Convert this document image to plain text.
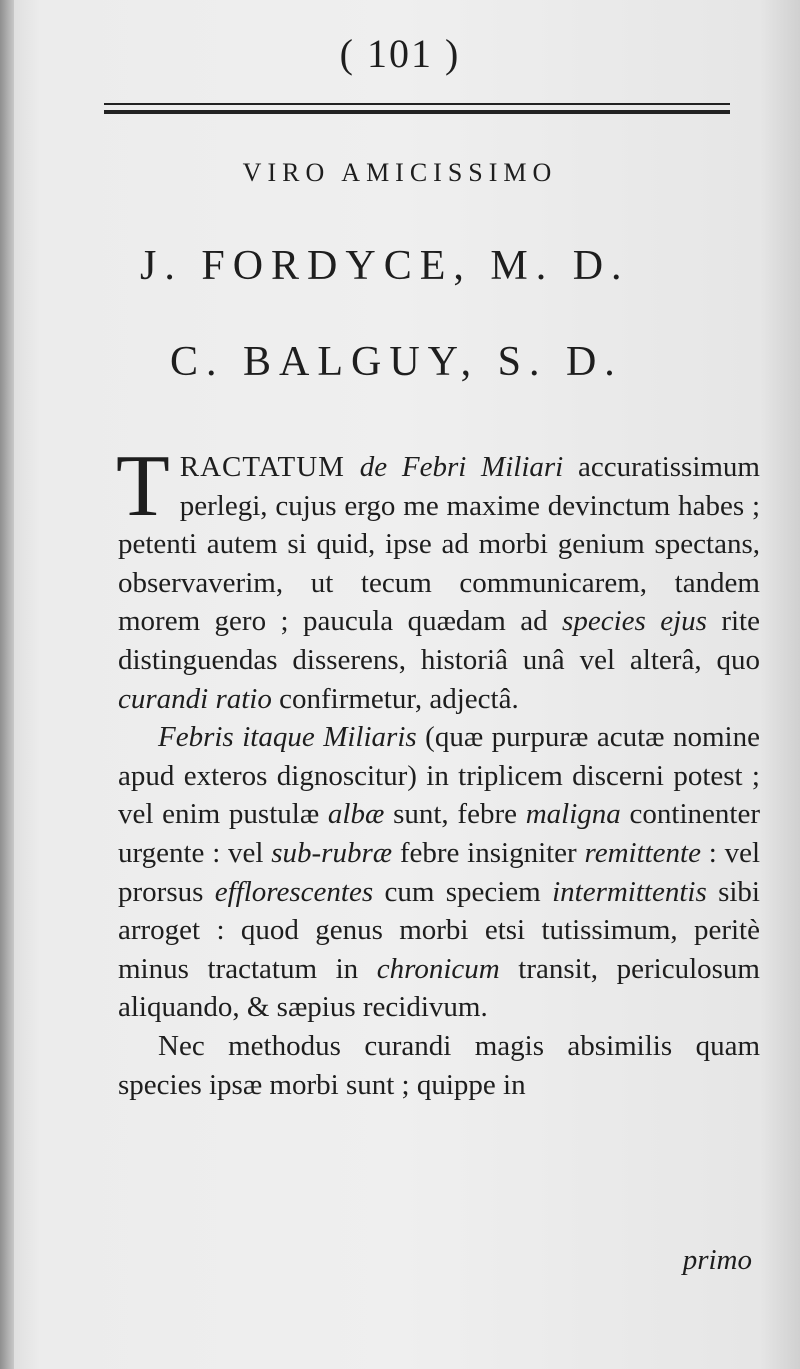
( 101 )
VIRO AMICISSIMO
J. FORDYCE, M. D.
C. BALGUY, S. D.

TRACTATUM de Febri Miliari accuratissimum perlegi, cujus ergo me maxime devinctum habes ; petenti autem si quid, ipse ad morbi genium spectans, observaverim, ut tecum communicarem, tandem morem gero ; paucula quædam ad species ejus rite distinguendas disserens, historiâ unâ vel alterâ, quo curandi ratio confirmetur, adjectâ.

Febris itaque Miliaris (quæ purpuræ acutæ nomine apud exteros dignoscitur) in triplicem discerni potest ; vel enim pustulæ albæ sunt, febre maligna continenter urgente : vel sub-rubræ febre insigniter remittente : vel prorsus efflorescentes cum speciem intermittentis sibi arroget : quod genus morbi etsi tutissimum, peritè minus tractatum in chronicum transit, periculosum aliquando, & sæpius recidivum.

Nec methodus curandi magis absimilis quam species ipsæ morbi sunt ; quippe in

primo
